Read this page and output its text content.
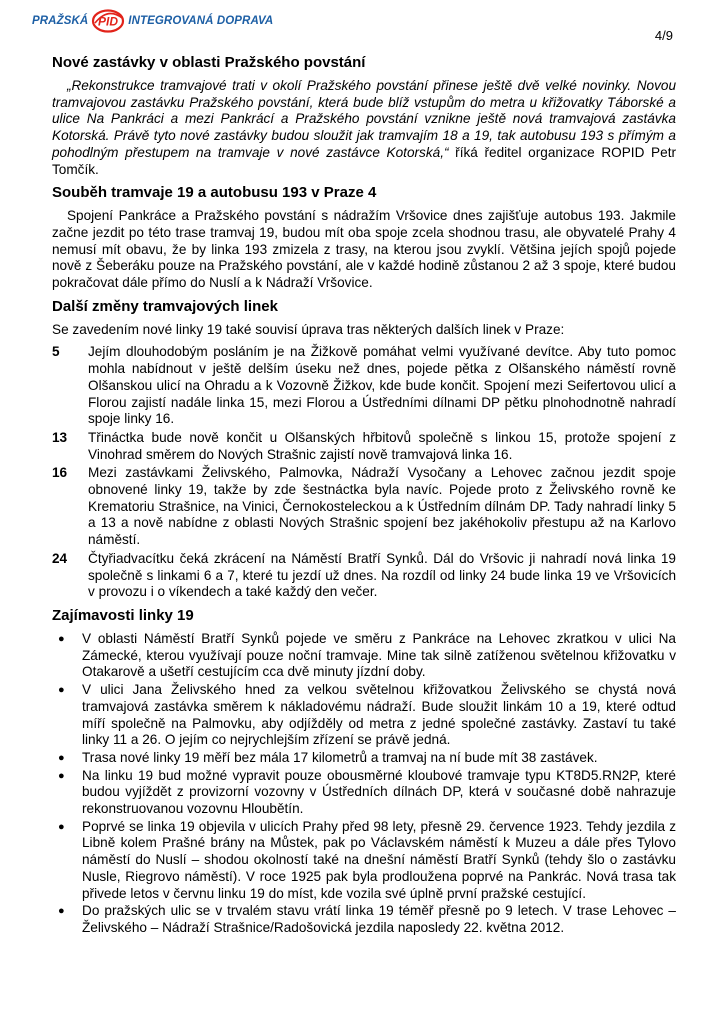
PRAŽSKÁ PID INTEGROVANÁ DOPRAVA
4/9
Nové zastávky v oblasti Pražského povstání

„Rekonstrukce tramvajové trati v okolí Pražského povstání přinese ještě dvě velké novinky. Novou tramvajovou zastávku Pražského povstání, která bude blíž vstupům do metra u křižovatky Táborské a ulice Na Pankráci a mezi Pankrácí a Pražského povstání vznikne ještě nová tramvajová zastávka Kotorská. Právě tyto nové zastávky budou sloužit jak tramvajím 18 a 19, tak autobusu 193 s přímým a pohodlným přestupem na tramvaje v nové zastávce Kotorská,“ říká ředitel organizace ROPID Petr Tomčík.

Souběh tramvaje 19 a autobusu 193 v Praze 4

Spojení Pankráce a Pražského povstání s nádražím Vršovice dnes zajišťuje autobus 193. Jakmile začne jezdit po této trase tramvaj 19, budou mít oba spoje zcela shodnou trasu, ale obyvatelé Prahy 4 nemusí mít obavu, že by linka 193 zmizela z trasy, na kterou jsou zvyklí. Většina jejích spojů pojede nově z Šeberáku pouze na Pražského povstání, ale v každé hodině zůstanou 2 až 3 spoje, které budou pokračovat dále přímo do Nuslí a k Nádraží Vršovice.

Další změny tramvajových linek

Se zavedením nové linky 19 také souvisí úprava tras některých dalších linek v Praze:

5	Jejím dlouhodobým posláním je na Žižkově pomáhat velmi využívané devítce. Aby tuto pomoc mohla nabídnout v ještě delším úseku než dnes, pojede pětka z Olšanského náměstí rovně Olšanskou ulicí na Ohradu a k Vozovně Žižkov, kde bude končit. Spojení mezi Seifertovou ulicí a Florou zajistí nadále linka 15, mezi Florou a Ústředními dílnami DP pětku plnohodnotně nahradí spoje linky 16.
13	Třináctka bude nově končit u Olšanských hřbitovů společně s linkou 15, protože spojení z Vinohrad směrem do Nových Strašnic zajistí nově tramvajová linka 16.
16	Mezi zastávkami Želivského, Palmovka, Nádraží Vysočany a Lehovec začnou jezdit spoje obnovené linky 19, takže by zde šestnáctka byla navíc. Pojede proto z Želivského rovně ke Krematoriu Strašnice, na Vinici, Černokosteleckou a k Ústředním dílnám DP. Tady nahradí linky 5 a 13 a nově nabídne z oblasti Nových Strašnic spojení bez jakéhokoliv přestupu až na Karlovo náměstí.
24	Čtyřiadvacítku čeká zkrácení na Náměstí Bratří Synků. Dál do Vršovic ji nahradí nová linka 19 společně s linkami 6 a 7, které tu jezdí už dnes. Na rozdíl od linky 24 bude linka 19 ve Vršovicích v provozu i o víkendech a také každý den večer.
Zajímavosti linky 19
●	V oblasti Náměstí Bratří Synků pojede ve směru z Pankráce na Lehovec zkratkou v ulici Na Zámecké, kterou využívají pouze noční tramvaje. Mine tak silně zatíženou světelnou křižovatku v Otakarově a ušetří cestujícím cca dvě minuty jízdní doby.
●	V ulici Jana Želivského hned za velkou světelnou křižovatkou Želivského se chystá nová tramvajová zastávka směrem k nákladovému nádraží. Bude sloužit linkám 10 a 19, které odtud míří společně na Palmovku, aby odjížděly od metra z jedné společné zastávky. Zastaví tu také linky 11 a 26. O jejím co nejrychlejším zřízení se právě jedná.
●	Trasa nové linky 19 měří bez mála 17 kilometrů a tramvaj na ní bude mít 38 zastávek.
●	Na linku 19 bud možné vypravit pouze obousměrné kloubové tramvaje typu KT8D5.RN2P, které budou vyjíždět z provizorní vozovny v Ústředních dílnách DP, která v současné době nahrazuje rekonstruovanou vozovnu Hloubětín.
●	Poprvé se linka 19 objevila v ulicích Prahy před 98 lety, přesně 29. července 1923. Tehdy jezdila z Libně kolem Prašné brány na Můstek, pak po Václavském náměstí k Muzeu a dále přes Tylovo náměstí do Nuslí – shodou okolností také na dnešní náměstí Bratří Synků (tehdy šlo o zastávku Nusle, Riegrovo náměstí). V roce 1925 pak byla prodloužena poprvé na Pankrác. Nová trasa tak přivede letos v červnu linku 19 do míst, kde vozila své úplně první pražské cestující.
●	Do pražských ulic se v trvalém stavu vrátí linka 19 téměř přesně po 9 letech. V trase Lehovec – Želivského – Nádraží Strašnice/Radošovická jezdila naposledy 22. května 2012.
